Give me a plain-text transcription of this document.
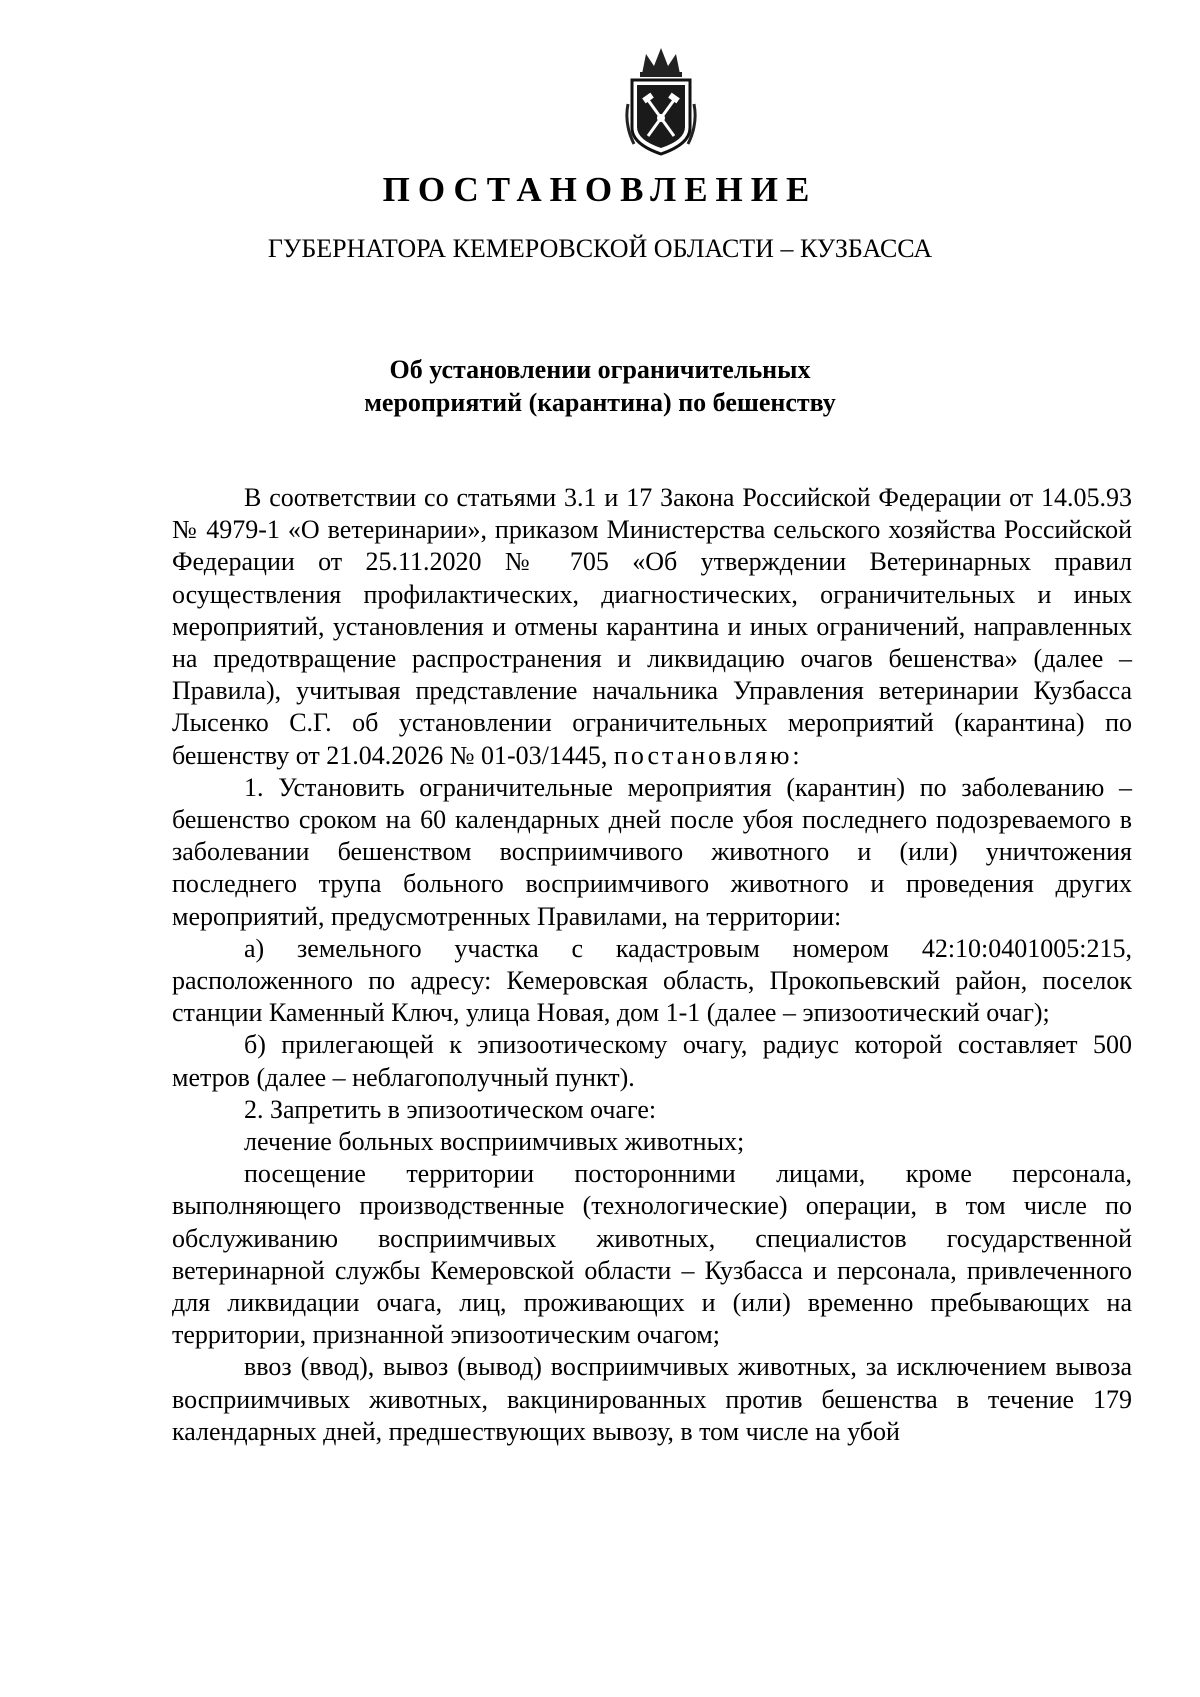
ПОСТАНОВЛЕНИЕ
ГУБЕРНАТОРА КЕМЕРОВСКОЙ ОБЛАСТИ – КУЗБАССА
Об установлении ограничительных
мероприятий (карантина) по бешенству

В соответствии со статьями 3.1 и 17 Закона Российской Федерации от 14.05.93 № 4979-1 «О ветеринарии», приказом Министерства сельского хозяйства Российской Федерации от 25.11.2020 № 705 «Об утверждении Ветеринарных правил осуществления профилактических, диагностических, ограничительных и иных мероприятий, установления и отмены карантина и иных ограничений, направленных на предотвращение распространения и ликвидацию очагов бешенства» (далее – Правила), учитывая представление начальника Управления ветеринарии Кузбасса Лысенко С.Г. об установлении ограничительных мероприятий (карантина) по бешенству от 21.04.2026 № 01-03/1445, постановляю:

1. Установить ограничительные мероприятия (карантин) по заболеванию – бешенство сроком на 60 календарных дней после убоя последнего подозреваемого в заболевании бешенством восприимчивого животного и (или) уничтожения последнего трупа больного восприимчивого животного и проведения других мероприятий, предусмотренных Правилами, на территории:

а) земельного участка с кадастровым номером 42:10:0401005:215, расположенного по адресу: Кемеровская область, Прокопьевский район, поселок станции Каменный Ключ, улица Новая, дом 1-1 (далее – эпизоотический очаг);

б) прилегающей к эпизоотическому очагу, радиус которой составляет 500 метров (далее – неблагополучный пункт).

2. Запретить в эпизоотическом очаге:

лечение больных восприимчивых животных;

посещение территории посторонними лицами, кроме персонала, выполняющего производственные (технологические) операции, в том числе по обслуживанию восприимчивых животных, специалистов государственной ветеринарной службы Кемеровской области – Кузбасса и персонала, привлеченного для ликвидации очага, лиц, проживающих и (или) временно пребывающих на территории, признанной эпизоотическим очагом;

ввоз (ввод), вывоз (вывод) восприимчивых животных, за исключением вывоза восприимчивых животных, вакцинированных против бешенства в течение 179 календарных дней, предшествующих вывозу, в том числе на убой
